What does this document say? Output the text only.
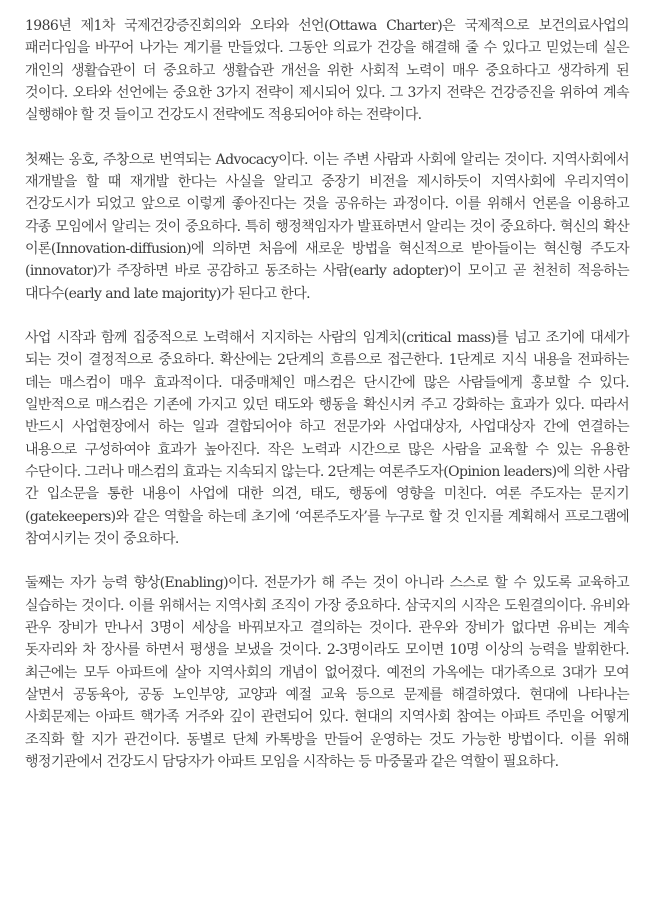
1986년 제1차 국제건강증진회의와 오타와 선언(Ottawa Charter)은 국제적으로 보건의료사업의 패러다임을 바꾸어 나가는 계기를 만들었다. 그동안 의료가 건강을 해결해 줄 수 있다고 믿었는데 실은 개인의 생활습관이 더 중요하고 생활습관 개선을 위한 사회적 노력이 매우 중요하다고 생각하게 된 것이다. 오타와 선언에는 중요한 3가지 전략이 제시되어 있다. 그 3가지 전략은 건강증진을 위하여 계속 실행해야 할 것 들이고 건강도시 전략에도 적용되어야 하는 전략이다.

첫째는 옹호, 주창으로 번역되는 Advocacy이다. 이는 주변 사람과 사회에 알리는 것이다. 지역사회에서 재개발을 할 때 재개발 한다는 사실을 알리고 중장기 비전을 제시하듯이 지역사회에 우리지역이 건강도시가 되었고 앞으로 이렇게 좋아진다는 것을 공유하는 과정이다. 이를 위해서 언론을 이용하고 각종 모임에서 알리는 것이 중요하다. 특히 행정책임자가 발표하면서 알리는 것이 중요하다. 혁신의 확산 이론(Innovation-diffusion)에 의하면 처음에 새로운 방법을 혁신적으로 받아들이는 혁신형 주도자(innovator)가 주장하면 바로 공감하고 동조하는 사람(early adopter)이 모이고 곧 천천히 적응하는 대다수(early and late majority)가 된다고 한다.

사업 시작과 함께 집중적으로 노력해서 지지하는 사람의 임계치(critical mass)를 넘고 조기에 대세가 되는 것이 결정적으로 중요하다. 확산에는 2단계의 흐름으로 접근한다. 1단계로 지식 내용을 전파하는 데는 매스컴이 매우 효과적이다. 대중매체인 매스컴은 단시간에 많은 사람들에게 홍보할 수 있다. 일반적으로 매스컴은 기존에 가지고 있던 태도와 행동을 확신시켜 주고 강화하는 효과가 있다. 따라서 반드시 사업현장에서 하는 일과 결합되어야 하고 전문가와 사업대상자, 사업대상자 간에 연결하는 내용으로 구성하여야 효과가 높아진다. 작은 노력과 시간으로 많은 사람을 교육할 수 있는 유용한 수단이다. 그러나 매스컴의 효과는 지속되지 않는다. 2단계는 여론주도자(Opinion leaders)에 의한 사람 간 입소문을 통한 내용이 사업에 대한 의견, 태도, 행동에 영향을 미친다. 여론 주도자는 문지기(gatekeepers)와 같은 역할을 하는데 초기에 ‘여론주도자’를 누구로 할 것 인지를 계획해서 프로그램에 참여시키는 것이 중요하다.

둘째는 자가 능력 향상(Enabling)이다. 전문가가 해 주는 것이 아니라 스스로 할 수 있도록 교육하고 실습하는 것이다. 이를 위해서는 지역사회 조직이 가장 중요하다. 삼국지의 시작은 도원결의이다. 유비와 관우 장비가 만나서 3명이 세상을 바꿔보자고 결의하는 것이다. 관우와 장비가 없다면 유비는 계속 돗자리와 차 장사를 하면서 평생을 보냈을 것이다. 2-3명이라도 모이면 10명 이상의 능력을 발휘한다. 최근에는 모두 아파트에 살아 지역사회의 개념이 없어졌다. 예전의 가옥에는 대가족으로 3대가 모여 살면서 공동육아, 공동 노인부양, 교양과 예절 교육 등으로 문제를 해결하였다. 현대에 나타나는 사회문제는 아파트 핵가족 거주와 깊이 관련되어 있다. 현대의 지역사회 참여는 아파트 주민을 어떻게 조직화 할 지가 관건이다. 동별로 단체 카톡방을 만들어 운영하는 것도 가능한 방법이다. 이를 위해 행정기관에서 건강도시 담당자가 아파트 모임을 시작하는 등 마중물과 같은 역할이 필요하다.
